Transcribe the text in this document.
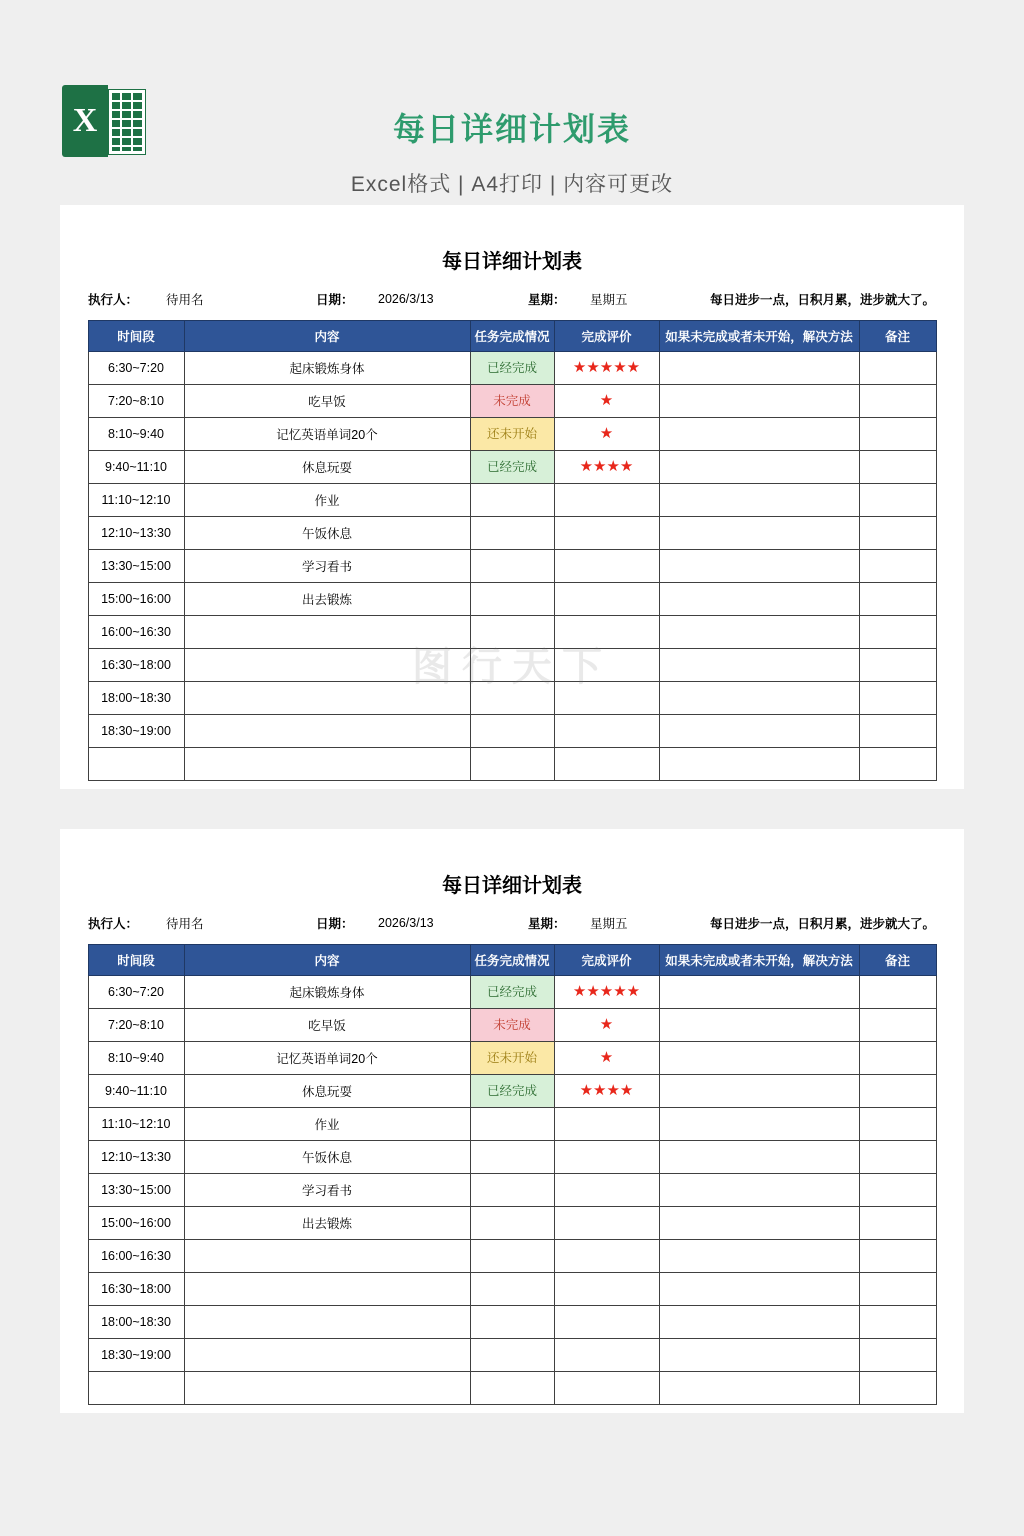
X	每日详细计划表
Excel格式 | A4打印 | 内容可更改
图行天下
每日详细计划表
执行人：	待用名	日期：	2026/3/13	星期：	星期五	每日进步一点，日积月累，进步就大了。
时间段	内容	任务完成情况	完成评价	如果未完成或者未开始，解决方法	备注
6:30~7:20	起床锻炼身体	已经完成	★★★★★		
7:20~8:10	吃早饭	未完成	★		
8:10~9:40	记忆英语单词20个	还未开始	★		
9:40~11:10	休息玩耍	已经完成	★★★★		
11:10~12:10	作业				
12:10~13:30	午饭休息				
13:30~15:00	学习看书				
15:00~16:00	出去锻炼				
16:00~16:30					
16:30~18:00					
18:00~18:30					
18:30~19:00					

每日详细计划表
执行人：	待用名	日期：	2026/3/13	星期：	星期五	每日进步一点，日积月累，进步就大了。
时间段	内容	任务完成情况	完成评价	如果未完成或者未开始，解决方法	备注
6:30~7:20	起床锻炼身体	已经完成	★★★★★		
7:20~8:10	吃早饭	未完成	★		
8:10~9:40	记忆英语单词20个	还未开始	★		
9:40~11:10	休息玩耍	已经完成	★★★★		
11:10~12:10	作业				
12:10~13:30	午饭休息				
13:30~15:00	学习看书				
15:00~16:00	出去锻炼				
16:00~16:30					
16:30~18:00					
18:00~18:30					
18:30~19:00					
